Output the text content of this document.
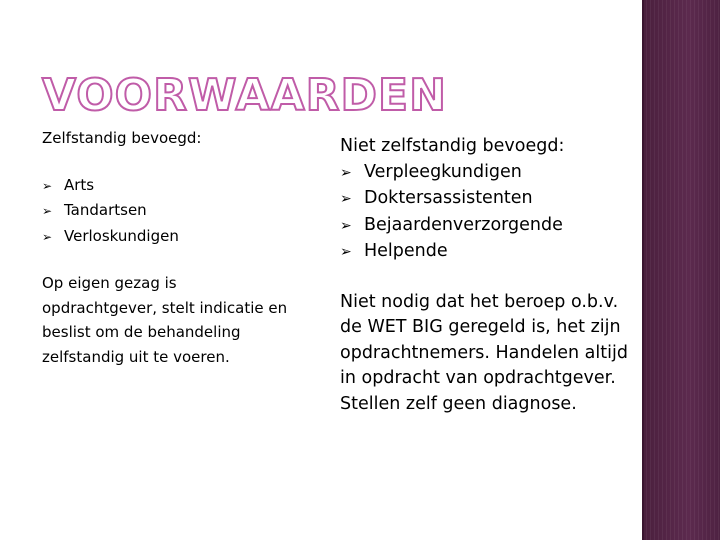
VOORWAARDEN

Zelfstandig bevoegd:

➢ Arts
➢ Tandartsen
➢ Verloskundigen

Op eigen gezag is opdrachtgever, stelt indicatie en beslist om de behandeling zelfstandig uit te voeren.

Niet zelfstandig bevoegd:

➢ Verpleegkundigen
➢ Doktersassistenten
➢ Bejaardenverzorgende
➢ Helpende

Niet nodig dat het beroep o.b.v. de WET BIG geregeld is, het zijn opdrachtnemers. Handelen altijd in opdracht van opdrachtgever. Stellen zelf geen diagnose.
